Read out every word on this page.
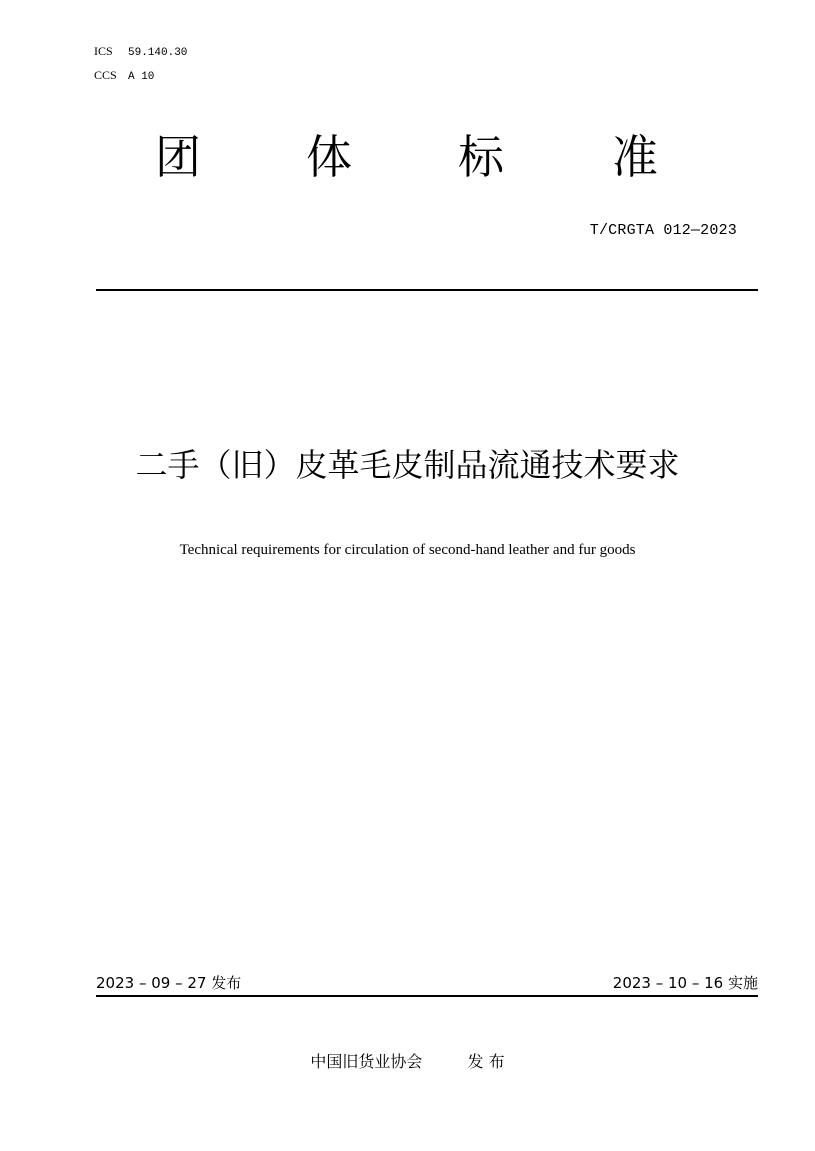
ICS	59.140.30
CCS	A 10
团 体 标 准
T/CRGTA 012—2023
二手（旧）皮革毛皮制品流通技术要求
Technical requirements for circulation of second-hand leather and fur goods
2023 – 09 – 27 发布	2023 – 10 – 16 实施
中国旧货业协会	发 布
